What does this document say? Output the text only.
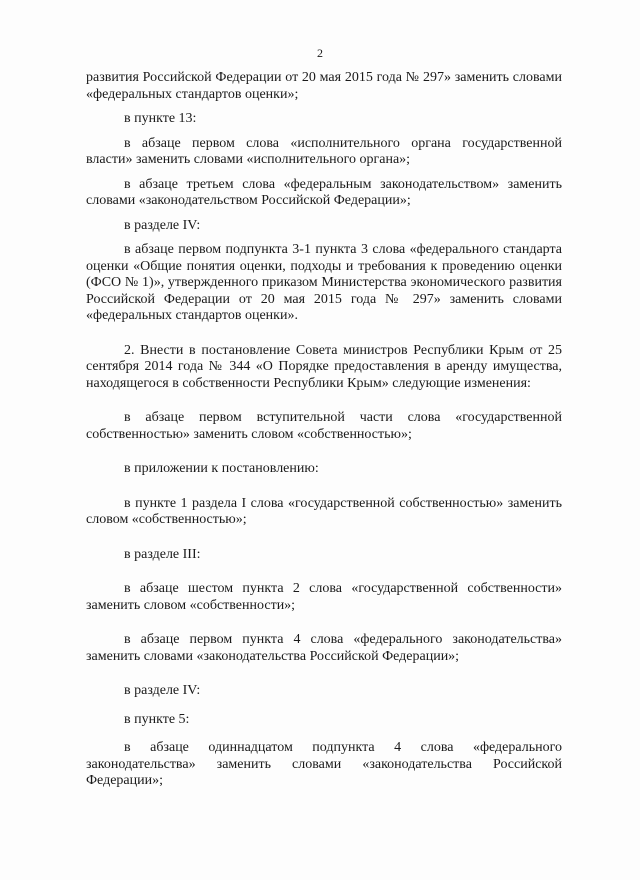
2

развития Российской Федерации от 20 мая 2015 года № 297» заменить словами «федеральных стандартов оценки»;

в пункте 13:

в абзаце первом слова «исполнительного органа государственной власти» заменить словами «исполнительного органа»;

в абзаце третьем слова «федеральным законодательством» заменить словами «законодательством Российской Федерации»;

в разделе IV:

в абзаце первом подпункта 3-1 пункта 3 слова «федерального стандарта оценки «Общие понятия оценки, подходы и требования к проведению оценки (ФСО № 1)», утвержденного приказом Министерства экономического развития Российской Федерации от 20 мая 2015 года № 297» заменить словами «федеральных стандартов оценки».

2. Внести в постановление Совета министров Республики Крым от 25 сентября 2014 года № 344 «О Порядке предоставления в аренду имущества, находящегося в собственности Республики Крым» следующие изменения:

в абзаце первом вступительной части слова «государственной собственностью» заменить словом «собственностью»;

в приложении к постановлению:

в пункте 1 раздела I слова «государственной собственностью» заменить словом «собственностью»;

в разделе III:

в абзаце шестом пункта 2 слова «государственной собственности» заменить словом «собственности»;

в абзаце первом пункта 4 слова «федерального законодательства» заменить словами «законодательства Российской Федерации»;

в разделе IV:

в пункте 5:

в абзаце одиннадцатом подпункта 4 слова «федерального законодательства» заменить словами «законодательства Российской Федерации»;
